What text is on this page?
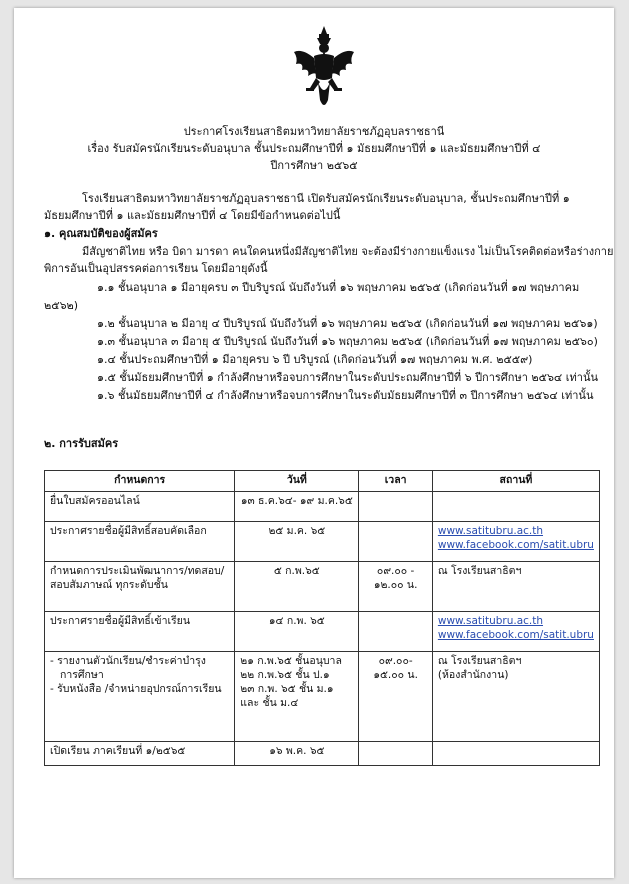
ประกาศโรงเรียนสาธิตมหาวิทยาลัยราชภัฏอุบลราชธานี
เรื่อง รับสมัครนักเรียนระดับอนุบาล ชั้นประถมศึกษาปีที่ ๑ มัธยมศึกษาปีที่ ๑ และมัธยมศึกษาปีที่ ๔
ปีการศึกษา ๒๕๖๕
โรงเรียนสาธิตมหาวิทยาลัยราชภัฏอุบลราชธานี เปิดรับสมัครนักเรียนระดับอนุบาล, ชั้นประถมศึกษาปีที่ ๑
มัธยมศึกษาปีที่ ๑ และมัธยมศึกษาปีที่ ๔ โดยมีข้อกำหนดต่อไปนี้
๑. คุณสมบัติของผู้สมัคร
มีสัญชาติไทย หรือ บิดา มารดา คนใดคนหนึ่งมีสัญชาติไทย จะต้องมีร่างกายแข็งแรง ไม่เป็นโรคติดต่อหรือร่างกาย
พิการอันเป็นอุปสรรคต่อการเรียน โดยมีอายุดังนี้
๑.๑ ชั้นอนุบาล ๑ มีอายุครบ ๓ ปีบริบูรณ์ นับถึงวันที่ ๑๖ พฤษภาคม ๒๕๖๕ (เกิดก่อนวันที่ ๑๗ พฤษภาคม
๒๕๖๒)
๑.๒ ชั้นอนุบาล ๒ มีอายุ ๔ ปีบริบูรณ์ นับถึงวันที่ ๑๖ พฤษภาคม ๒๕๖๕ (เกิดก่อนวันที่ ๑๗ พฤษภาคม ๒๕๖๑)
๑.๓ ชั้นอนุบาล ๓ มีอายุ ๕ ปีบริบูรณ์ นับถึงวันที่ ๑๖ พฤษภาคม ๒๕๖๕ (เกิดก่อนวันที่ ๑๗ พฤษภาคม ๒๕๖๐)
๑.๔ ชั้นประถมศึกษาปีที่ ๑ มีอายุครบ ๖ ปี บริบูรณ์ (เกิดก่อนวันที่ ๑๗ พฤษภาคม พ.ศ. ๒๕๕๙)
๑.๕ ชั้นมัธยมศึกษาปีที่ ๑ กำลังศึกษาหรือจบการศึกษาในระดับประถมศึกษาปีที่ ๖ ปีการศึกษา ๒๕๖๔ เท่านั้น
๑.๖ ชั้นมัธยมศึกษาปีที่ ๔ กำลังศึกษาหรือจบการศึกษาในระดับมัธยมศึกษาปีที่ ๓ ปีการศึกษา ๒๕๖๔ เท่านั้น
๒. การรับสมัคร
กำหนดการ	วันที่	เวลา	สถานที่
ยื่นใบสมัครออนไลน์	๑๓ ธ.ค.๖๔- ๑๙ ม.ค.๖๕		
ประกาศรายชื่อผู้มีสิทธิ์สอบคัดเลือก	๒๕ ม.ค. ๖๕		www.satitubru.ac.th
www.facebook.com/satit.ubru

กำหนดการประเมินพัฒนาการ/ทดสอบ/
สอบสัมภาษณ์ ทุกระดับชั้น	๕ ก.พ.๖๕	๐๙.๐๐ -
๑๒.๐๐ น.	ณ โรงเรียนสาธิตฯ
ประกาศรายชื่อผู้มีสิทธิ์เข้าเรียน	๑๔ ก.พ. ๖๕		www.satitubru.ac.th
www.facebook.com/satit.ubru

- รายงานตัวนักเรียน/ชำระค่าบำรุง
การศึกษา
- รับหนังสือ /จำหน่ายอุปกรณ์การเรียน	๒๑ ก.พ.๖๕ ชั้นอนุบาล
๒๒ ก.พ.๖๕ ชั้น ป.๑
๒๓ ก.พ. ๖๕ ชั้น ม.๑
และ ชั้น ม.๔	๐๙.๐๐-
๑๕.๐๐ น.	ณ โรงเรียนสาธิตฯ
(ห้องสำนักงาน)

เปิดเรียน ภาคเรียนที่ ๑/๒๕๖๕	๑๖ พ.ค. ๖๕		
